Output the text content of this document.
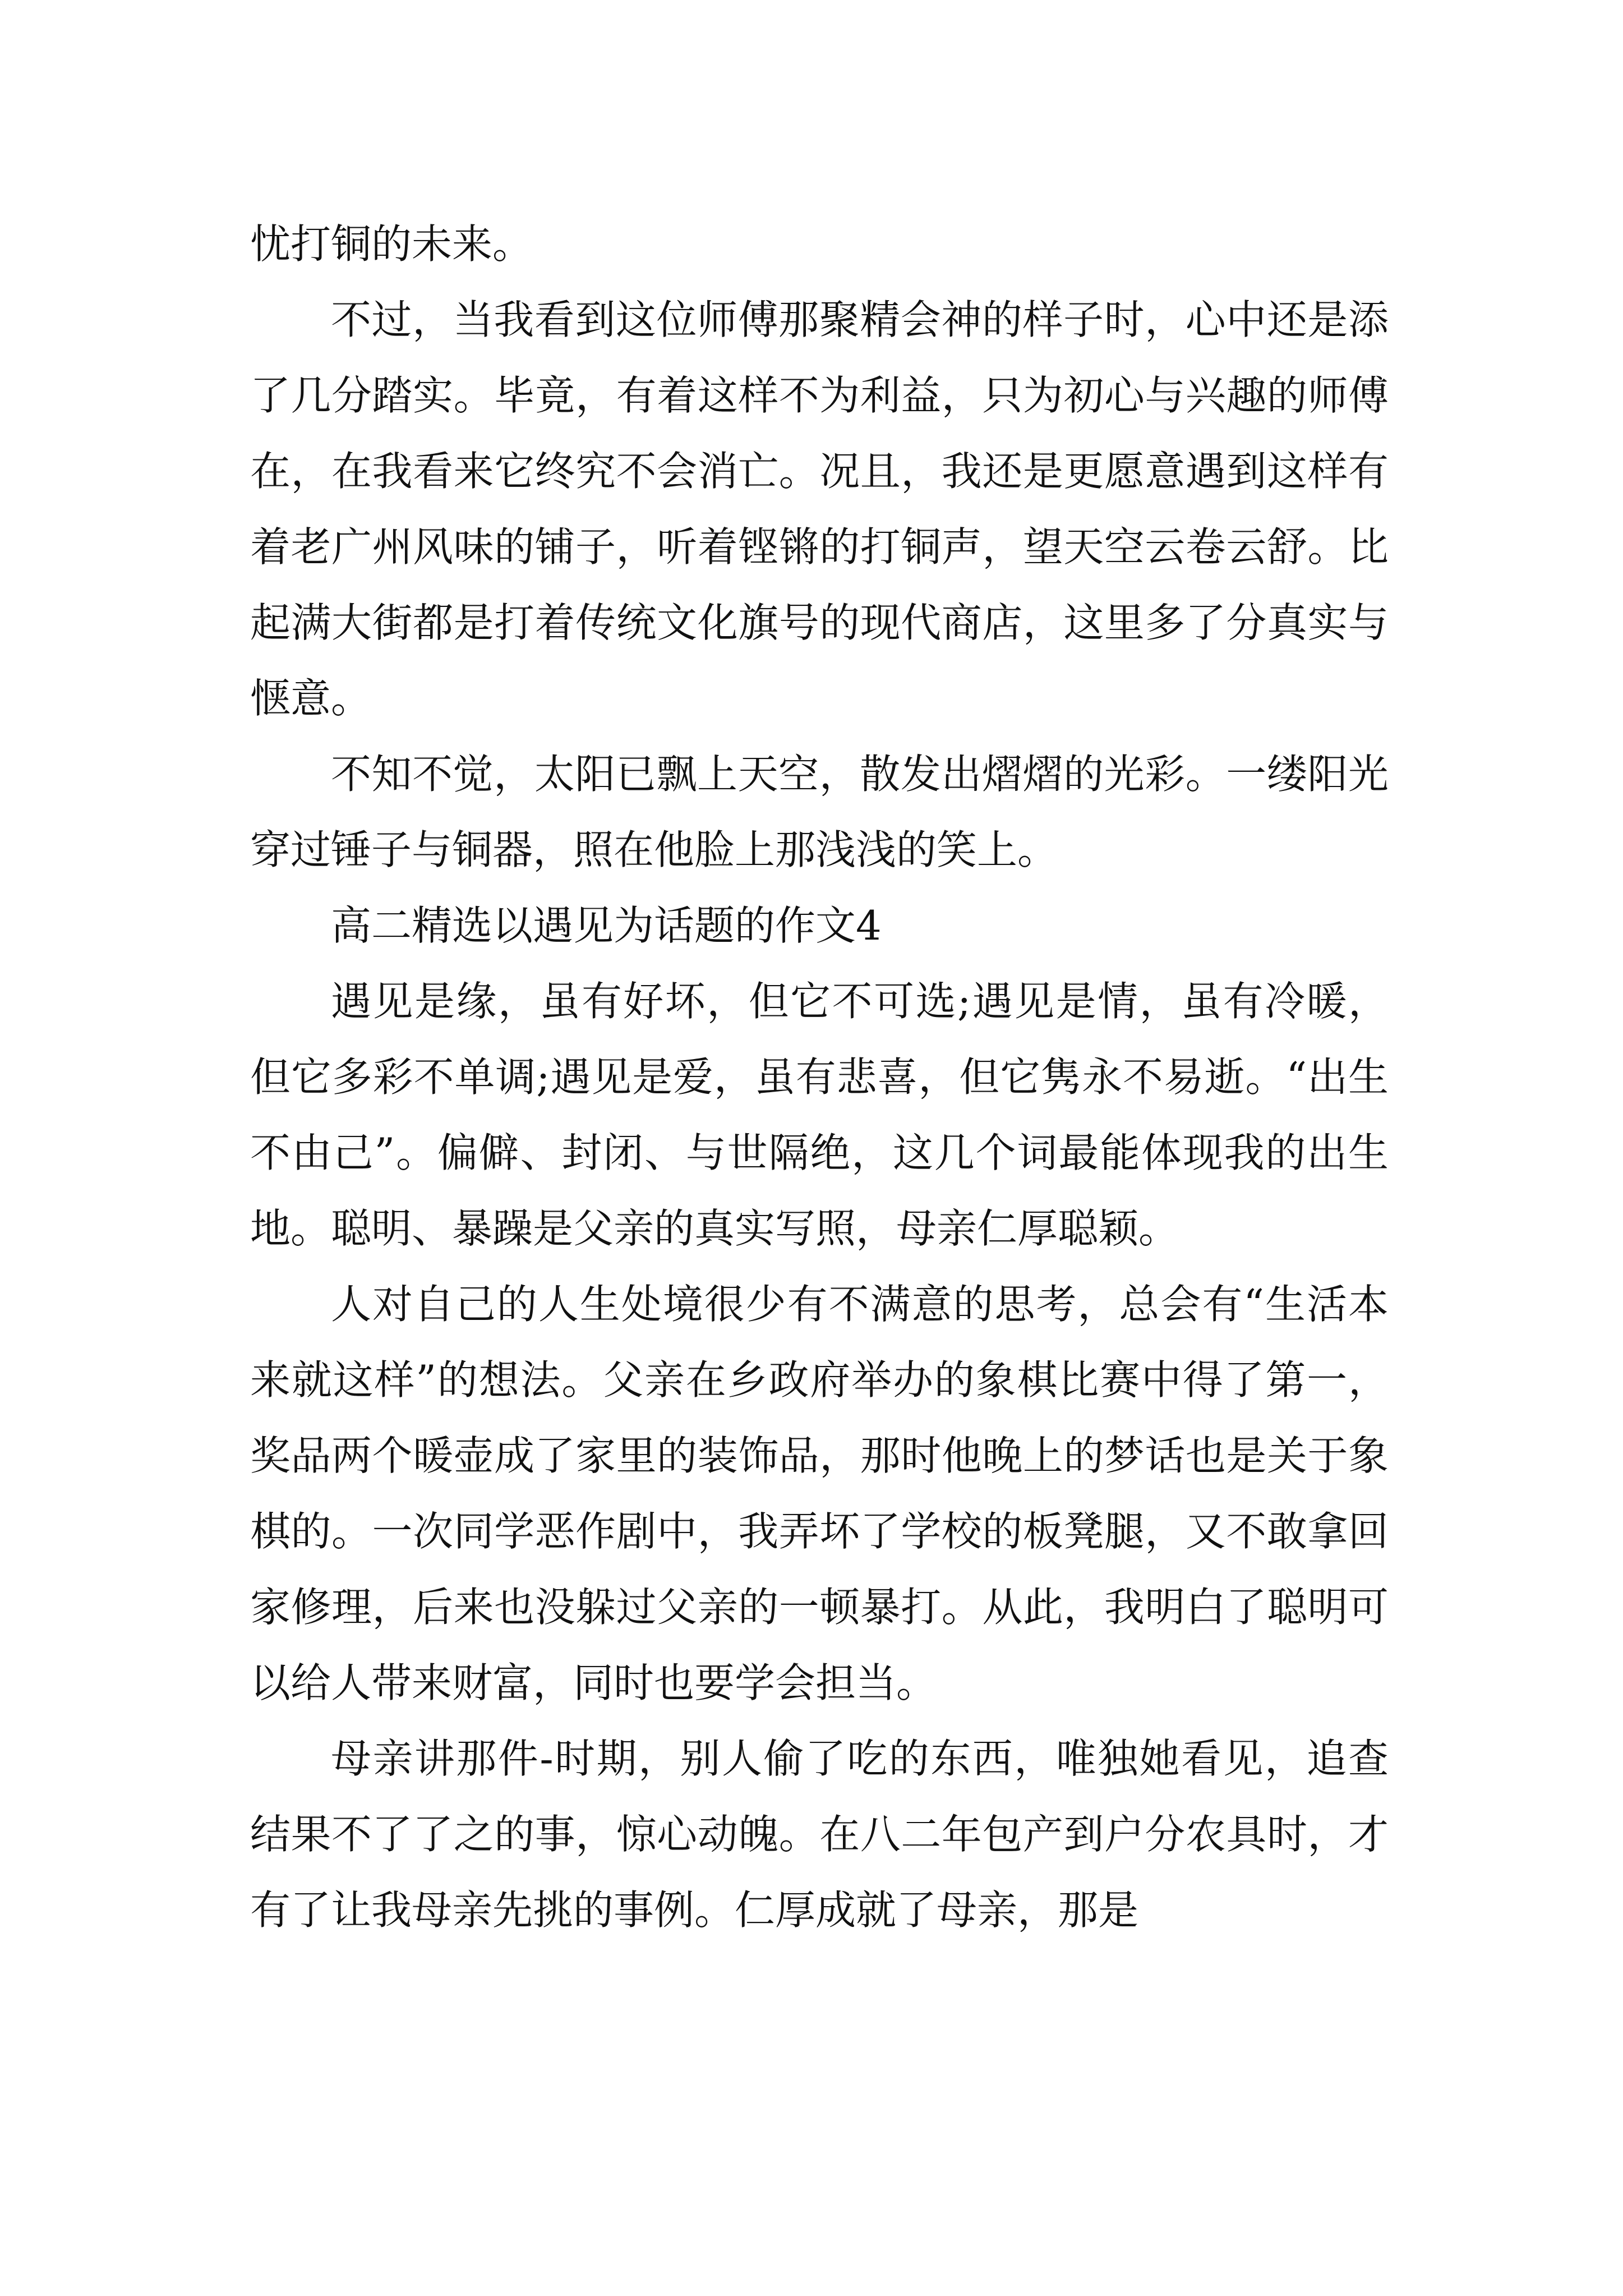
忧打铜的未来。

不过，当我看到这位师傅那聚精会神的样子时，心中还是添了几分踏实。毕竟，有着这样不为利益，只为初心与兴趣的师傅在，在我看来它终究不会消亡。况且，我还是更愿意遇到这样有着老广州风味的铺子，听着铿锵的打铜声，望天空云卷云舒。比起满大街都是打着传统文化旗号的现代商店，这里多了分真实与惬意。

不知不觉，太阳已飘上天空，散发出熠熠的光彩。一缕阳光穿过锤子与铜器，照在他脸上那浅浅的笑上。

高二精选以遇见为话题的作文4

遇见是缘，虽有好坏，但它不可选;遇见是情，虽有冷暖，但它多彩不单调;遇见是爱，虽有悲喜，但它隽永不易逝。“出生不由己”。偏僻、封闭、与世隔绝，这几个词最能体现我的出生地。聪明、暴躁是父亲的真实写照，母亲仁厚聪颖。

人对自己的人生处境很少有不满意的思考，总会有“生活本来就这样”的想法。父亲在乡政府举办的象棋比赛中得了第一，奖品两个暖壶成了家里的装饰品，那时他晚上的梦话也是关于象棋的。一次同学恶作剧中，我弄坏了学校的板凳腿，又不敢拿回家修理，后来也没躲过父亲的一顿暴打。从此，我明白了聪明可以给人带来财富，同时也要学会担当。

母亲讲那件-时期，别人偷了吃的东西，唯独她看见，追查结果不了了之的事，惊心动魄。在八二年包产到户分农具时，才有了让我母亲先挑的事例。仁厚成就了母亲，那是
